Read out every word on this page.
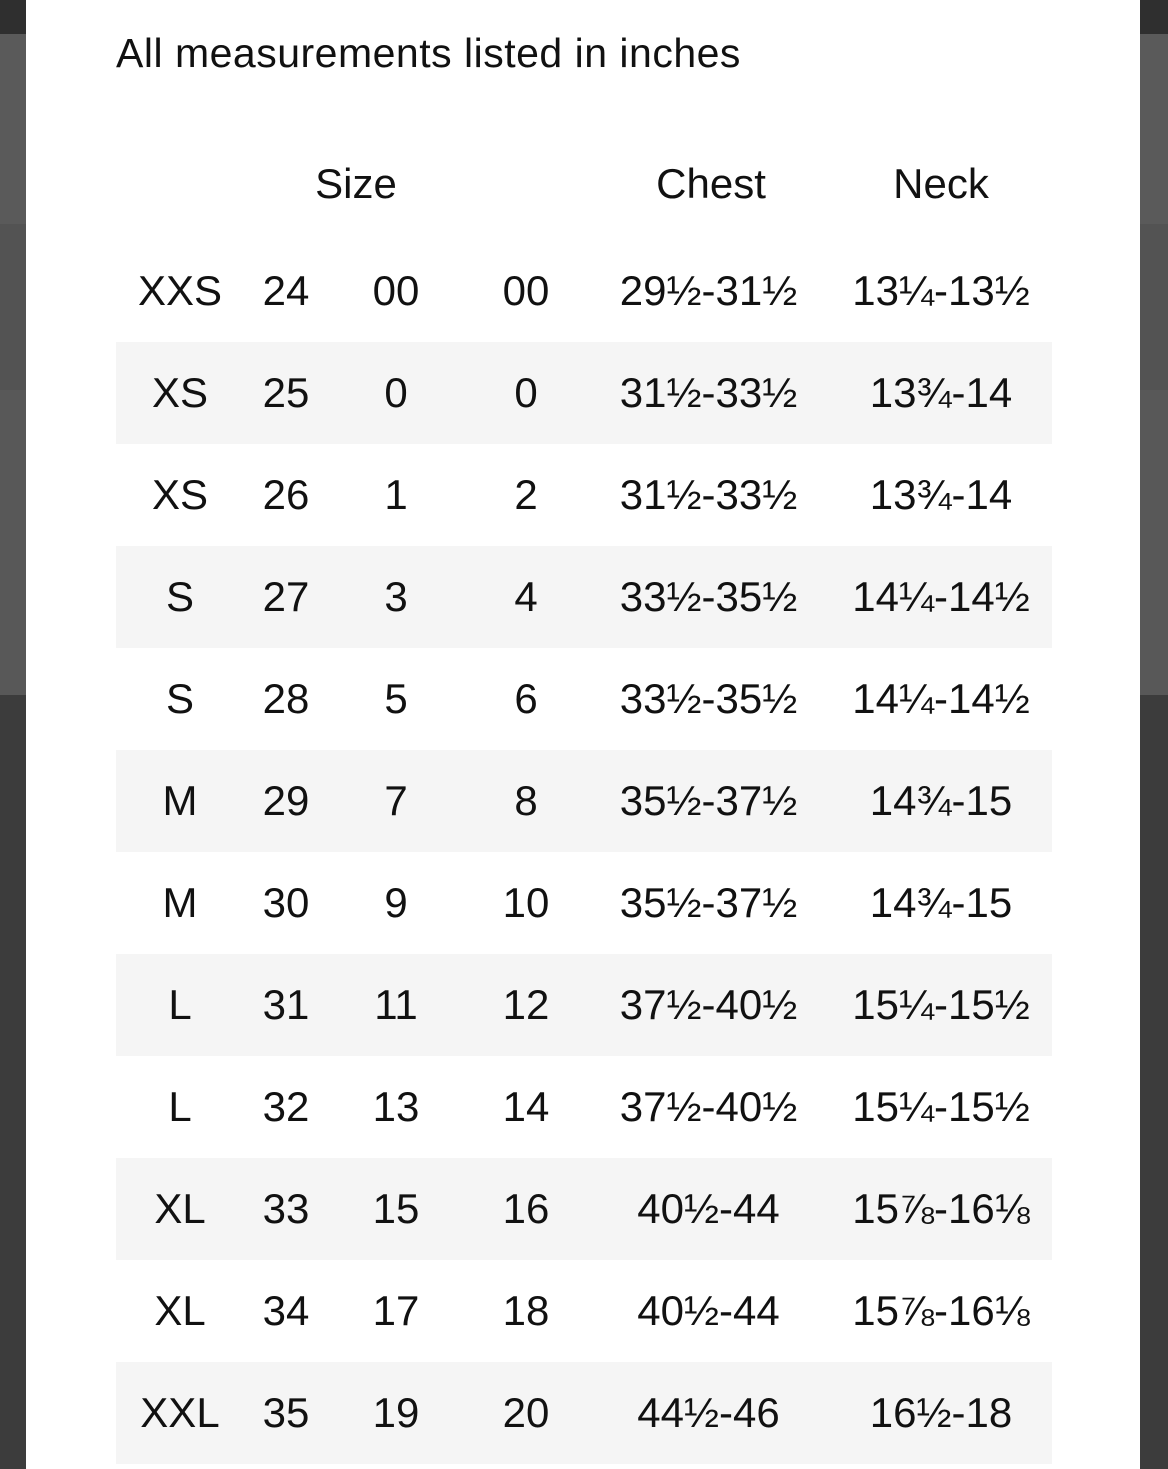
All measurements listed in inches
Size	Chest	Neck
XXS 24	00	00	29½-31½	13¼-13½
XS	25	0	0	31½-33½	13¾-14
XS	26	1	2	31½-33½	13¾-14
S	27	3	4	33½-35½	14¼-14½
S	28	5	6	33½-35½	14¼-14½
M	29	7	8	35½-37½	14¾-15
M	30	9	10	35½-37½	14¾-15
L	31	11	12	37½-40½	15¼-15½
L	32	13	14	37½-40½	15¼-15½
XL	33	15	16	40½-44	15⅞-16⅛
XL	34	17	18	40½-44	15⅞-16⅛
XXL	35	19	20	44½-46	16½-18
